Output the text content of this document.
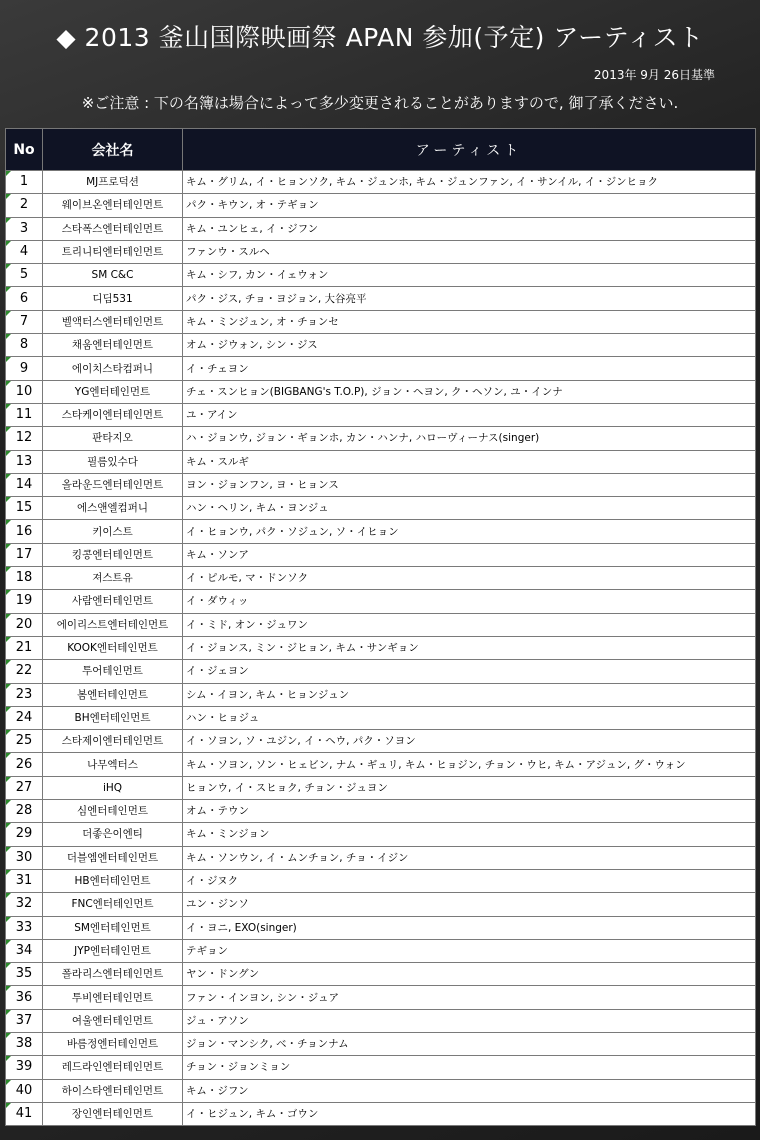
◆ 2013 釜山国際映画祭 APAN 参加(予定) アーティスト
2013年 9月 26日基準
※ご注意 : 下の名簿は場合によって多少変更されることがありますので, 御了承ください.
No	会社名	アーティスト
1	MJ프로덕션	キム・グリム, イ・ヒョンソク, キム・ジュンホ, キム・ジュンファン, イ・サンイル, イ・ジンヒョク
2	웨이브온엔터테인먼트	パク・キウン, オ・テギョン
3	스타폭스엔터테인먼트	キム・ユンヒェ, イ・ジフン
4	트리니티엔터테인먼트	ファンウ・スルヘ
5	SM C&C	キム・シフ, カン・イェウォン
6	디딤531	パク・ジス, チョ・ヨジョン, 大谷亮平
7	벨액터스엔터테인먼트	キム・ミンジュン, オ・チョンセ
8	채움엔터테인먼트	オム・ジウォン, シン・ジス
9	에이치스타컴퍼니	イ・チェヨン
10	YG엔터테인먼트	チェ・スンヒョン(BIGBANG's T.O.P), ジョン・ヘヨン, ク・ヘソン, ユ・インナ
11	스타케이엔터테인먼트	ユ・アイン
12	판타지오	ハ・ジョンウ, ジョン・ギョンホ, カン・ハンナ, ハローヴィーナス(singer)
13	필름있수다	キム・スルギ
14	올라운드엔터테인먼트	ヨン・ジョンフン, ヨ・ヒョンス
15	에스앤엘컴퍼니	ハン・ヘリン, キム・ヨンジュ
16	키이스트	イ・ヒョンウ, パク・ソジュン, ソ・イヒョン
17	킹콩엔터테인먼트	キム・ソンア
18	져스트유	イ・ピルモ, マ・ドンソク
19	사람엔터테인먼트	イ・ダウィッ
20	에이리스트엔터테인먼트	イ・ミド, オン・ジュワン
21	KOOK엔터테인먼트	イ・ジョンス, ミン・ジヒョン, キム・サンギョン
22	투어테인먼트	イ・ジェヨン
23	봄엔터테인먼트	シム・イヨン, キム・ヒョンジュン
24	BH엔터테인먼트	ハン・ヒョジュ
25	스타제이엔터테인먼트	イ・ソヨン, ソ・ユジン, イ・ヘウ, パク・ソヨン
26	나무엑터스	キム・ソヨン, ソン・ヒェビン, ナム・ギュリ, キム・ヒョジン, チョン・ウヒ, キム・アジュン, グ・ウォン
27	iHQ	ヒョンウ, イ・スヒョク, チョン・ジュヨン
28	심엔터테인먼트	オム・テウン
29	더좋은이엔티	キム・ミンジョン
30	더블엠엔터테인먼트	キム・ソンウン, イ・ムンチョン, チョ・イジン
31	HB엔터테인먼트	イ・ジヌク
32	FNC엔터테인먼트	ユン・ジンソ
33	SM엔터테인먼트	イ・ヨニ, EXO(singer)
34	JYP엔터테인먼트	テギョン
35	폴라리스엔터테인먼트	ヤン・ドングン
36	투비엔터테인먼트	ファン・インヨン, シン・ジュア
37	여울엔터테인먼트	ジュ・アソン
38	바름정엔터테인먼트	ジョン・マンシク, ベ・チョンナム
39	레드라인엔터테인먼트	チョン・ジョンミョン
40	하이스타엔터테인먼트	キム・ジフン
41	장인엔터테인먼트	イ・ヒジュン, キム・ゴウン
